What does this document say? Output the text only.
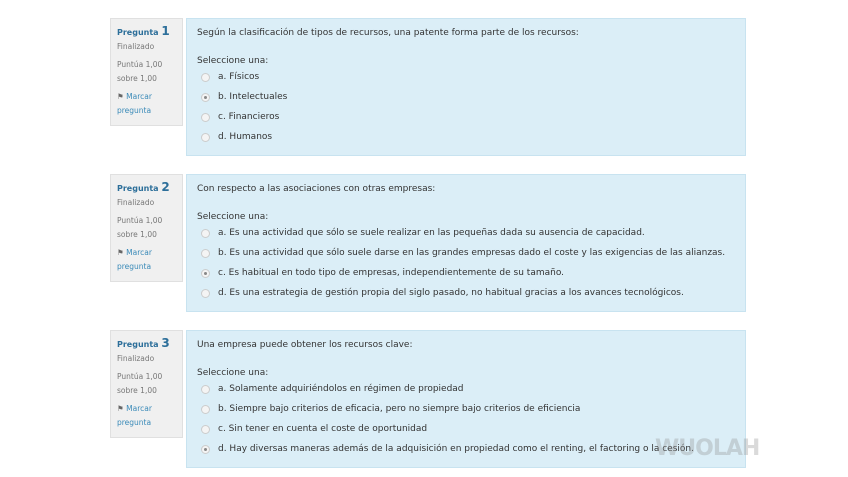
Pregunta 1
Finalizado
Puntúa 1,00
sobre 1,00
⚑ Marcar
pregunta
Según la clasificación de tipos de recursos, una patente forma parte de los recursos:
Seleccione una:
a. Físicos
b. Intelectuales
c. Financieros
d. Humanos
Pregunta 2
Finalizado
Puntúa 1,00
sobre 1,00
⚑ Marcar
pregunta
Con respecto a las asociaciones con otras empresas:
Seleccione una:
a. Es una actividad que sólo se suele realizar en las pequeñas dada su ausencia de capacidad.
b. Es una actividad que sólo suele darse en las grandes empresas dado el coste y las exigencias de las alianzas.
c. Es habitual en todo tipo de empresas, independientemente de su tamaño.
d. Es una estrategia de gestión propia del siglo pasado, no habitual gracias a los avances tecnológicos.
Pregunta 3
Finalizado
Puntúa 1,00
sobre 1,00
⚑ Marcar
pregunta
Una empresa puede obtener los recursos clave:
Seleccione una:
a. Solamente adquiriéndolos en régimen de propiedad
b. Siempre bajo criterios de eficacia, pero no siempre bajo criterios de eficiencia
c. Sin tener en cuenta el coste de oportunidad
d. Hay diversas maneras además de la adquisición en propiedad como el renting, el factoring o la cesión.
WUOLAH
